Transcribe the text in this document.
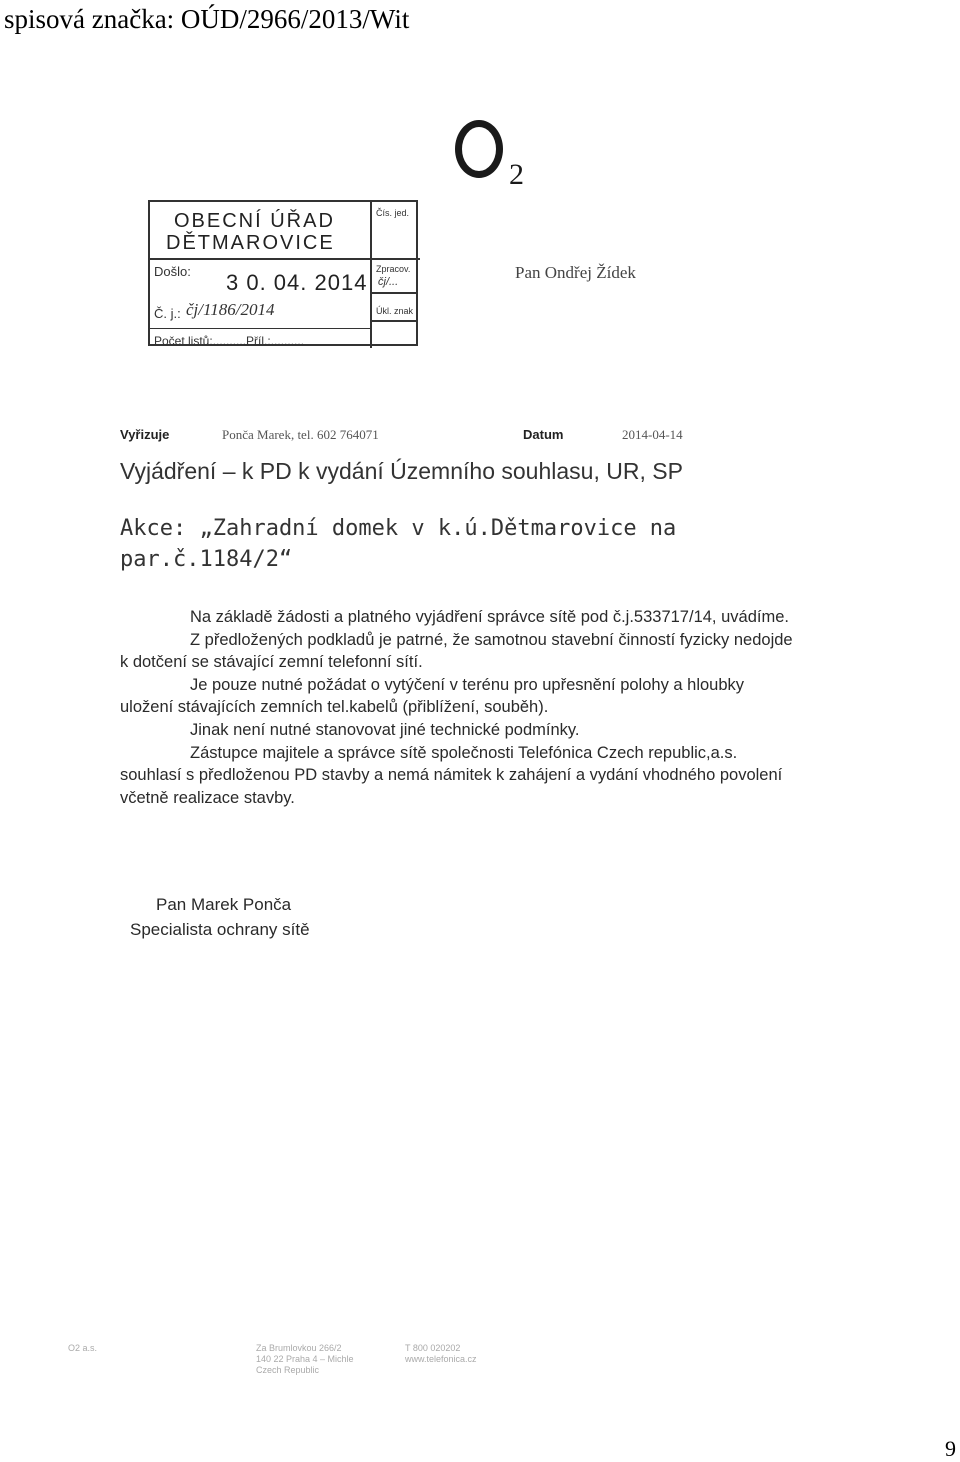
spisová značka: OÚD/2966/2013/Wit
2
OBECNÍ ÚŘAD
DĚTMAROVICE
Čís. jed.
Došlo: 3 0. 04. 2014
Zpracov.
čj/...
Č. j.: čj/1186/2014	Úkl. znak
Počet listů:..........Příl.:..........
Pan Ondřej Žídek
Vyřizuje	Ponča Marek, tel. 602 764071	Datum	2014-04-14
Vyjádření – k PD k vydání Územního souhlasu, UR, SP
Akce: „Zahradní domek v k.ú.Dětmarovice na par.č.1184/2“

Na základě žádosti a platného vyjádření správce sítě pod č.j.533717/14, uvádíme.

Z předložených podkladů je patrné, že samotnou stavební činností fyzicky nedojde k dotčení se stávající zemní telefonní sítí.

Je pouze nutné požádat o vytýčení v terénu pro upřesnění polohy a hloubky uložení stávajících zemních tel.kabelů (přiblížení, souběh).

Jinak není nutné stanovovat jiné technické podmínky.

Zástupce majitele a správce sítě společnosti Telefónica Czech republic,a.s. souhlasí s předloženou PD stavby a nemá námitek k zahájení a vydání vhodného povolení včetně realizace stavby.

Pan Marek Ponča
Specialista ochrany sítě
O2 a.s.	Za Brumlovkou 266/2
140 22 Praha 4 – Michle
Czech Republic
T 800 020202
www.telefonica.cz
9
